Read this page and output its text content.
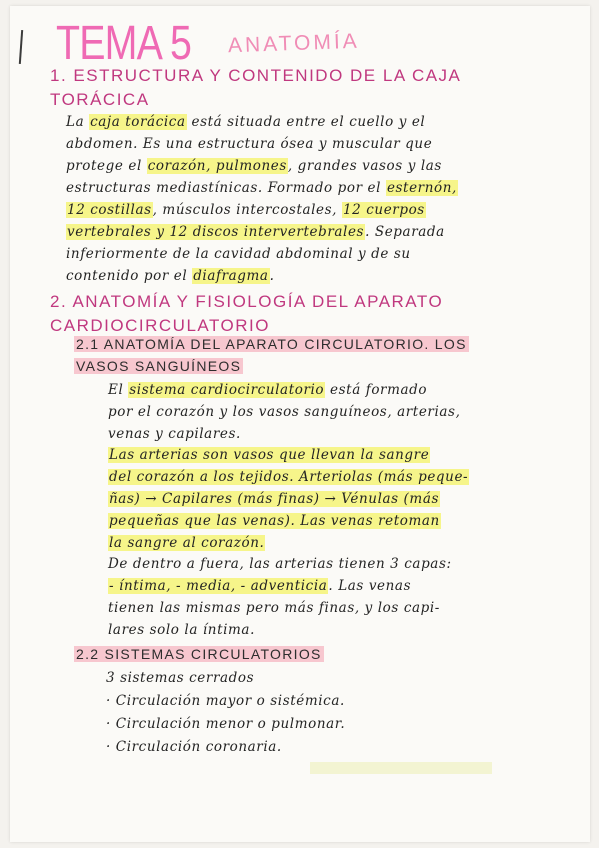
TEMA 5	ANATOMÍA
1. ESTRUCTURA Y CONTENIDO DE LA CAJA
TORÁCICA
La caja torácica está situada entre el cuello y el
abdomen. Es una estructura ósea y muscular que
protege el corazón, pulmones, grandes vasos y las
estructuras mediastínicas. Formado por el esternón,
12 costillas, músculos intercostales, 12 cuerpos
vertebrales y 12 discos intervertebrales. Separada
inferiormente de la cavidad abdominal y de su
contenido por el diafragma.
2. ANATOMÍA Y FISIOLOGÍA DEL APARATO
CARDIOCIRCULATORIO
2.1 ANATOMÍA DEL APARATO CIRCULATORIO. LOS
VASOS SANGUÍNEOS
El sistema cardiocirculatorio está formado
por el corazón y los vasos sanguíneos, arterias,
venas y capilares.
Las arterias son vasos que llevan la sangre
del corazón a los tejidos. Arteriolas (más peque-
ñas) → Capilares (más finas) → Vénulas (más
pequeñas que las venas). Las venas retoman
la sangre al corazón.
De dentro a fuera, las arterias tienen 3 capas:
- íntima, - media, - adventicia. Las venas
tienen las mismas pero más finas, y los capi-
lares solo la íntima.
2.2 SISTEMAS CIRCULATORIOS
3 sistemas cerrados
· Circulación mayor o sistémica.
· Circulación menor o pulmonar.
· Circulación coronaria.
